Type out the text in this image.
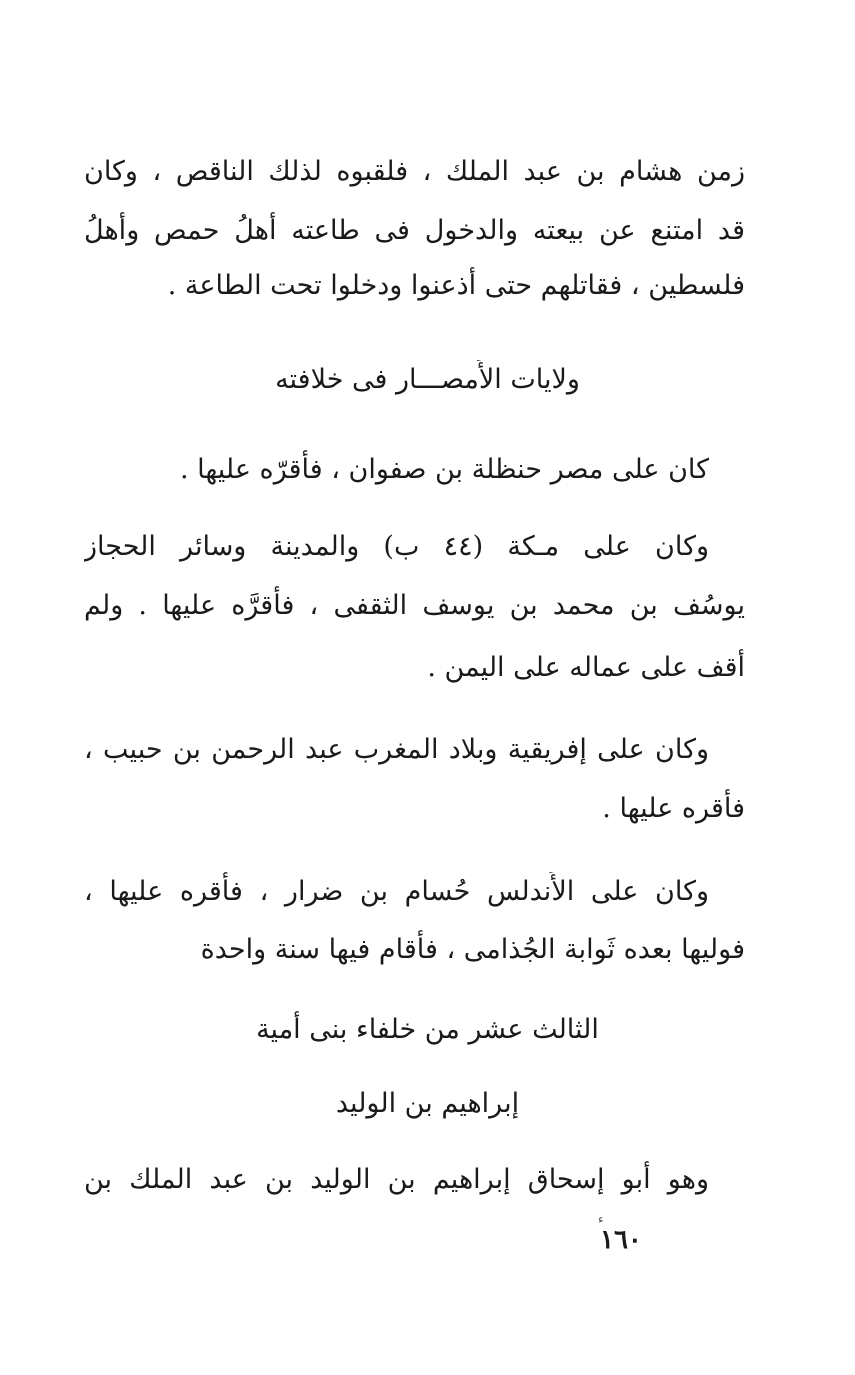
زمن هشام بن عبد الملك ، فلقبوه لذلك الناقص ، وكان
قد امتنع عن بيعته والدخول فى طاعته أَهلُ حمص وأَهلُ
فلسطين ، فقاتلهم حتى أَذعنوا ودخلوا تحت الطاعة .
ولايات الأَمصـــار فى خلافته
كان على مصر حنظلة بن صفوان ، فأَقرّه عليها .
وكان على مـكة (٤٤ ب) والمدينة وسائر الحجاز
يوسُف بن محمد بن يوسف الثقفى ، فأَقرَّه عليها . ولم
أَقف على عماله على اليمن .
وكان على إفريقية وبلاد المغرب عبد الرحمن بن حبيب ،
فأَقره عليها .
وكان على الأَندلس حُسام بن ضرار ، فأَقره عليها ،
فوليها بعده ثَوابة الجُذامى ، فأَقام فيها سنة واحدة
الثالث عشر من خلفاء بنى أُمية
إبراهيم بن الوليد
وهو أَبو إسحاق إبراهيم بن الوليد بن عبد الملك بن
ء
١٦٠
